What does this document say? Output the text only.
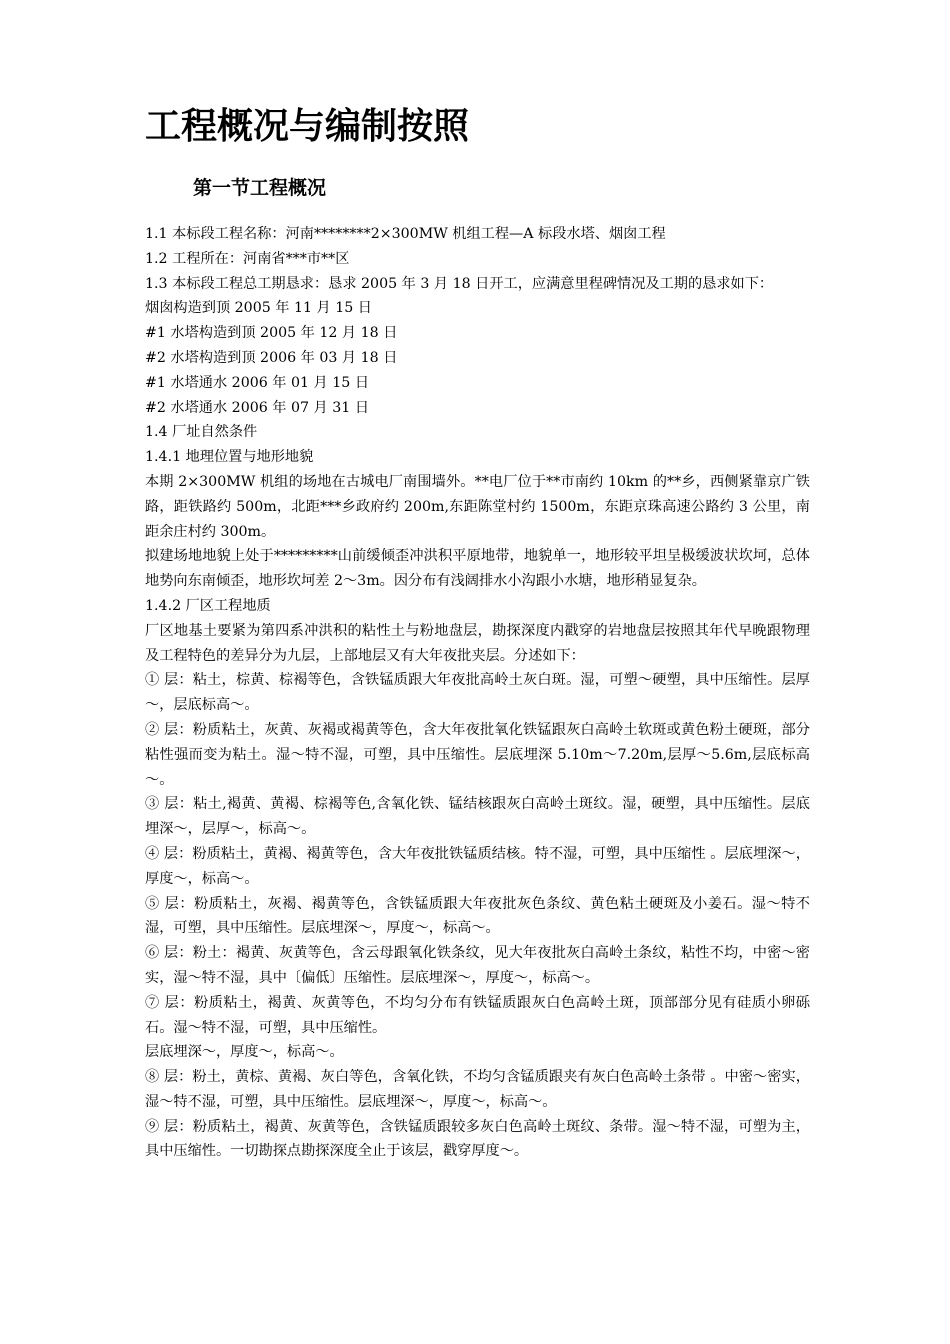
工程概况与编制按照
第一节工程概况

1.1 本标段工程名称：河南********2×300MW 机组工程—A 标段水塔、烟囱工程

1.2 工程所在：河南省***市**区

1.3 本标段工程总工期恳求：恳求 2005 年 3 月 18 日开工，应满意里程碑情况及工期的恳求如下：

烟囱构造到顶 2005 年 11 月 15 日

#1 水塔构造到顶 2005 年 12 月 18 日

#2 水塔构造到顶 2006 年 03 月 18 日

#1 水塔通水 2006 年 01 月 15 日

#2 水塔通水 2006 年 07 月 31 日

1.4 厂址自然条件

1.4.1 地理位置与地形地貌

本期 2×300MW 机组的场地在古城电厂南围墙外。**电厂位于**市南约 10km 的**乡，西侧紧靠京广铁路，距铁路约 500m，北距***乡政府约 200m,东距陈堂村约 1500m，东距京珠高速公路约 3 公里，南距余庄村约 300m。

拟建场地地貌上处于*********山前缓倾歪冲洪积平原地带，地貌单一，地形较平坦呈极缓波状坎坷，总体地势向东南倾歪，地形坎坷差 2～3m。因分布有浅阔排水小沟跟小水塘，地形稍显复杂。

1.4.2 厂区工程地质

厂区地基土要紧为第四系冲洪积的粘性土与粉地盘层，勘探深度内戳穿的岩地盘层按照其年代早晚跟物理及工程特色的差异分为九层，上部地层又有大年夜批夹层。分述如下：

① 层：粘土，棕黄、棕褐等色，含铁锰质跟大年夜批高岭土灰白斑。湿，可塑～硬塑，具中压缩性。层厚～，层底标高～。

② 层：粉质粘土，灰黄、灰褐或褐黄等色，含大年夜批氧化铁锰跟灰白高岭土软斑或黄色粉土硬斑，部分粘性强而变为粘土。湿～特不湿，可塑，具中压缩性。层底埋深 5.10m～7.20m,层厚～5.6m,层底标高～。

③ 层：粘土,褐黄、黄褐、棕褐等色,含氧化铁、锰结核跟灰白高岭土斑纹。湿，硬塑，具中压缩性。层底埋深～，层厚～，标高～。

④ 层：粉质粘土，黄褐、褐黄等色，含大年夜批铁锰质结核。特不湿，可塑，具中压缩性 。层底埋深～，厚度～，标高～。

⑤ 层：粉质粘土，灰褐、褐黄等色，含铁锰质跟大年夜批灰色条纹、黄色粘土硬斑及小姜石。湿～特不湿，可塑，具中压缩性。层底埋深～，厚度～，标高～。

⑥ 层：粉土：褐黄、灰黄等色，含云母跟氧化铁条纹，见大年夜批灰白高岭土条纹，粘性不均，中密～密实，湿～特不湿，具中〔偏低〕压缩性。层底埋深～，厚度～，标高～。

⑦ 层：粉质粘土，褐黄、灰黄等色，不均匀分布有铁锰质跟灰白色高岭土斑，顶部部分见有硅质小卵砾石。湿～特不湿，可塑，具中压缩性。

层底埋深～，厚度～，标高～。

⑧ 层：粉土，黄棕、黄褐、灰白等色，含氧化铁，不均匀含锰质跟夹有灰白色高岭土条带 。中密～密实，湿～特不湿，可塑，具中压缩性。层底埋深～，厚度～，标高～。

⑨ 层：粉质粘土，褐黄、灰黄等色，含铁锰质跟较多灰白色高岭土斑纹、条带。湿～特不湿，可塑为主，具中压缩性。一切勘探点勘探深度全止于该层，戳穿厚度～。
